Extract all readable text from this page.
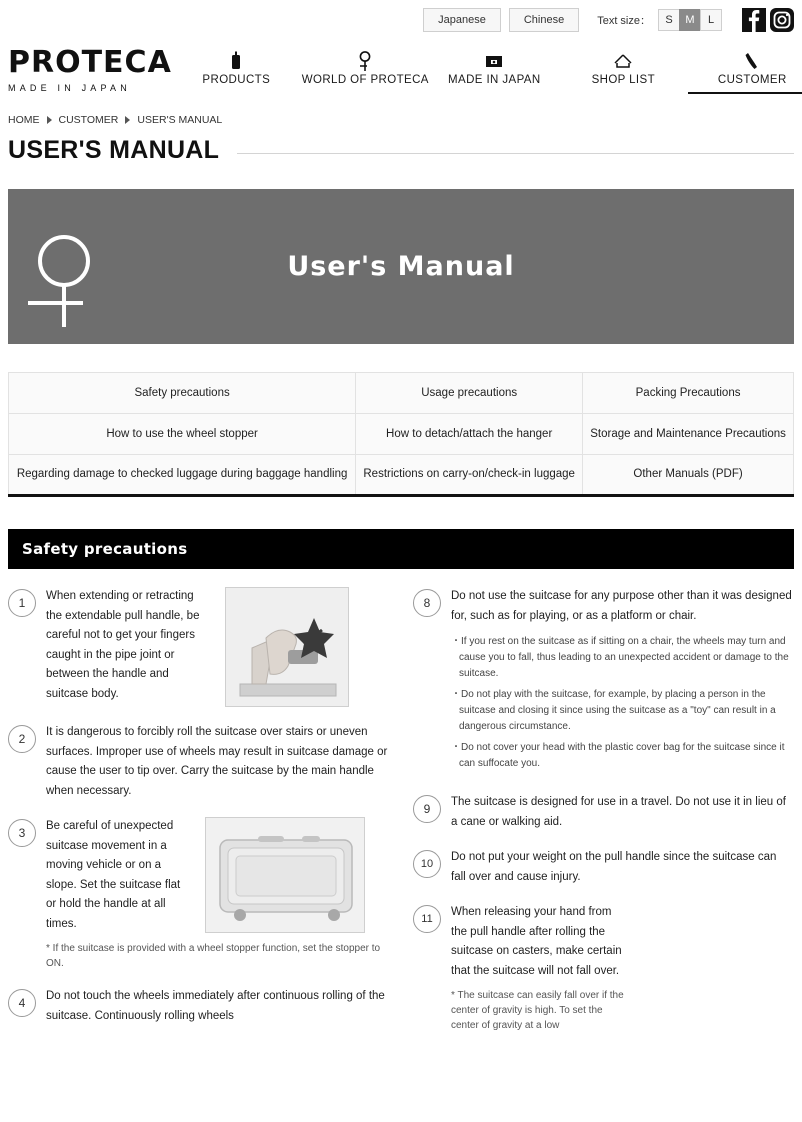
Japanese	Chinese	Text size：	S	M	L
PROTECA
MADE IN JAPAN
PRODUCTS	WORLD OF PROTECA	MADE IN JAPAN	SHOP LIST	CUSTOMER
HOME CUSTOMER USER'S MANUAL
USER'S MANUAL
User's Manual
Safety precautions	Usage precautions	Packing Precautions
How to use the wheel stopper	How to detach/attach the hanger	Storage and Maintenance Precautions
Regarding damage to checked luggage during baggage handling	Restrictions on carry-on/check-in luggage	Other Manuals (PDF)
Safety precautions
1	When extending or retracting the extendable pull handle, be careful not to get your fingers caught in the pipe joint or between the handle and suitcase body.
2	It is dangerous to forcibly roll the suitcase over stairs or uneven surfaces. Improper use of wheels may result in suitcase damage or cause the user to tip over. Carry the suitcase by the main handle when necessary.
3	Be careful of unexpected suitcase movement in a moving vehicle or on a slope. Set the suitcase flat or hold the handle at all times.
* If the suitcase is provided with a wheel stopper function, set the stopper to ON.
4	Do not touch the wheels immediately after continuous rolling of the suitcase. Continuously rolling wheels
8	Do not use the suitcase for any purpose other than it was designed for, such as for playing, or as a platform or chair.
・If you rest on the suitcase as if sitting on a chair, the wheels may turn and cause you to fall, thus leading to an unexpected accident or damage to the suitcase.
・Do not play with the suitcase, for example, by placing a person in the suitcase and closing it since using the suitcase as a "toy" can result in a dangerous circumstance.
・Do not cover your head with the plastic cover bag for the suitcase since it can suffocate you.
9	The suitcase is designed for use in a travel. Do not use it in lieu of a cane or walking aid.
10
Do not put your weight on the pull handle since the suitcase can fall over and cause injury.
11
When releasing your hand from the pull handle after rolling the suitcase on casters, make certain that the suitcase will not fall over.
* The suitcase can easily fall over if the center of gravity is high. To set the center of gravity at a low
